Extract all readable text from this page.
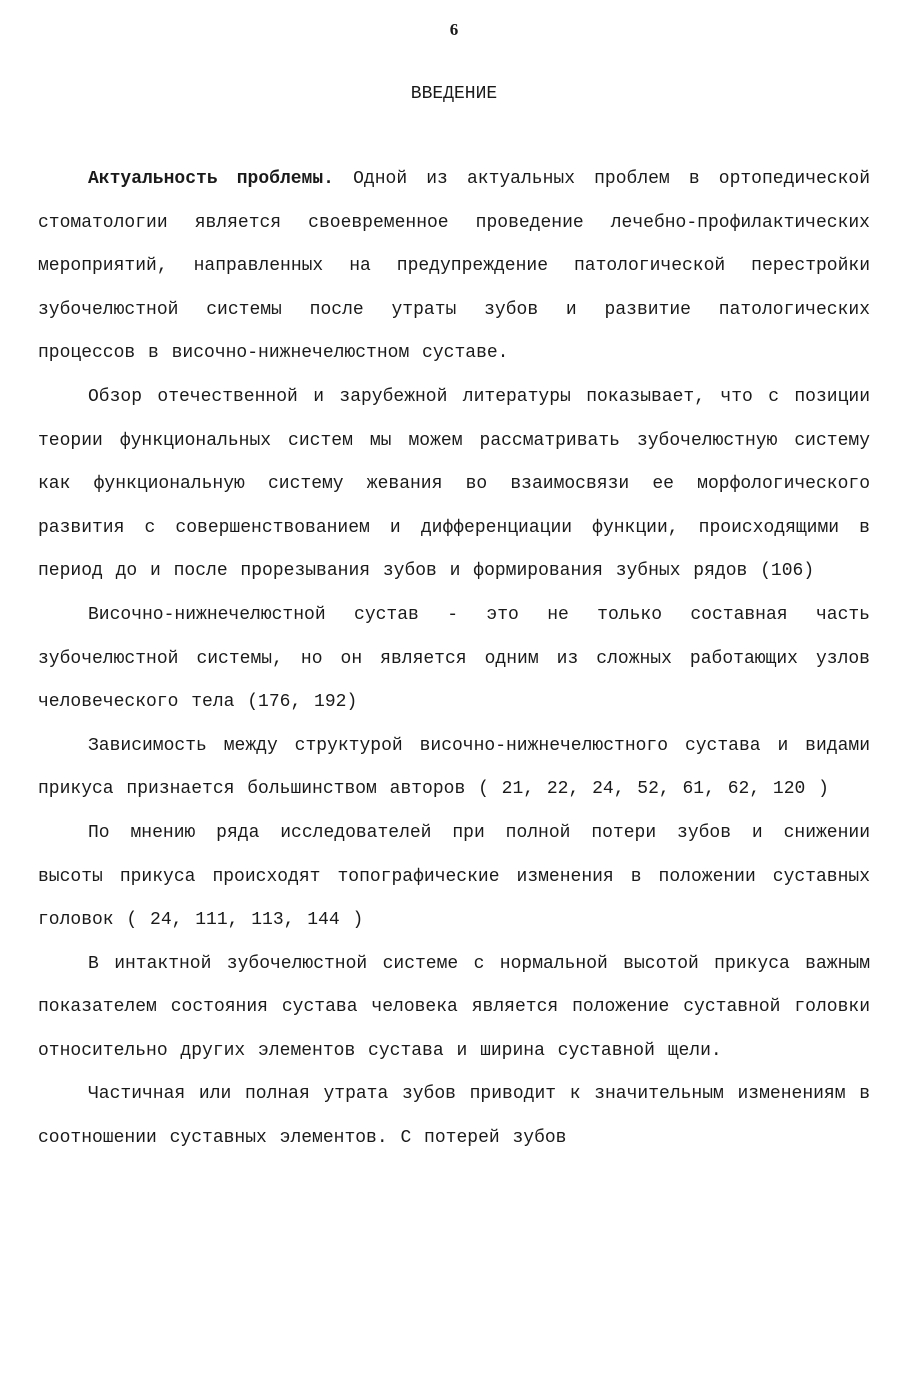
6
ВВЕДЕНИЕ

Актуальность проблемы. Одной из актуальных проблем в ортопедической стоматологии является своевременное проведение лечебно-профилактических мероприятий, направленных на предупреждение патологической перестройки зубочелюстной системы после утраты зубов и развитие патологических процессов в височно-нижнечелюстном суставе.

Обзор отечественной и зарубежной литературы показывает, что с позиции теории функциональных систем мы можем рассматривать зубочелюстную систему как функциональную систему жевания во взаимосвязи ее морфологического развития с совершенствованием и дифференциации функции, происходящими в период до и после прорезывания зубов и формирования зубных рядов (106)

Височно-нижнечелюстной сустав - это не только составная часть зубочелюстной системы, но он является одним из сложных работающих узлов человеческого тела (176, 192)

Зависимость между структурой височно-нижнечелюстного сустава и видами прикуса признается большинством авторов ( 21, 22, 24, 52, 61, 62, 120 )

По мнению ряда исследователей при полной потери зубов и снижении высоты прикуса происходят топографические изменения в положении суставных головок ( 24, 111, 113, 144 )

В интактной зубочелюстной системе с нормальной высотой прикуса важным показателем состояния сустава человека является положение суставной головки относительно других элементов сустава и ширина суставной щели.

Частичная или полная утрата зубов приводит к значительным изменениям в соотношении суставных элементов. С потерей зубов
